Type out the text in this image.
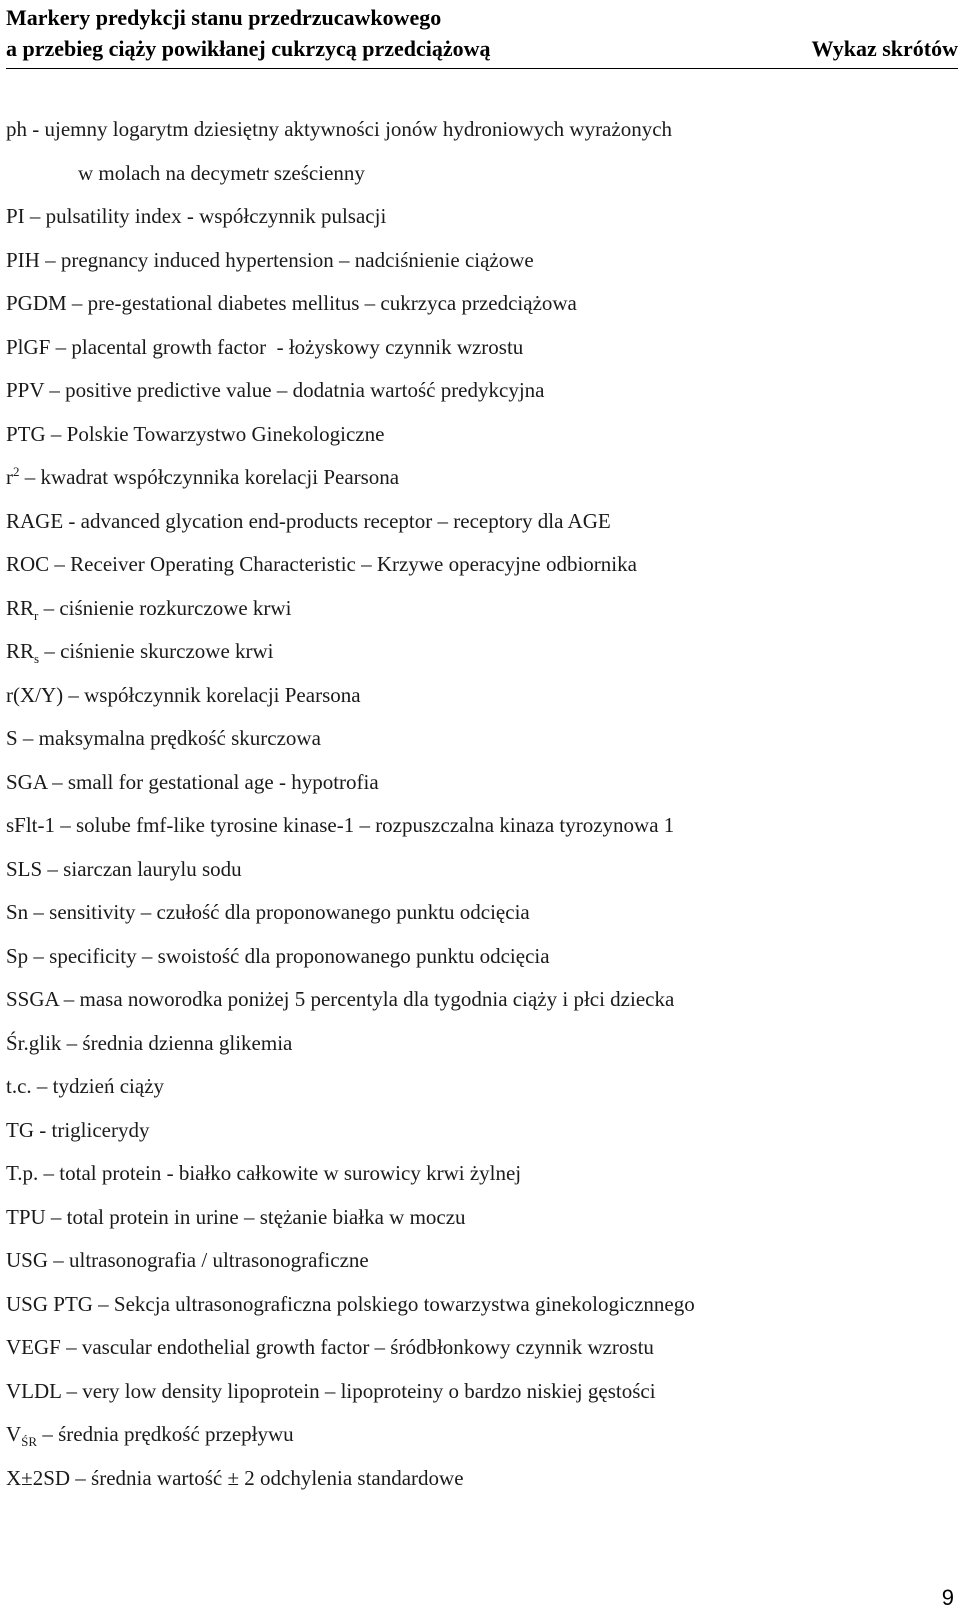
Markery predykcji stanu przedrzucawkowego
a przebieg ciąży powikłanej cukrzycą przedciążową	Wykaz skrótów
ph - ujemny logarytm dziesiętny aktywności jonów hydroniowych wyrażonych
w molach na decymetr sześcienny
PI – pulsatility index - współczynnik pulsacji
PIH – pregnancy induced hypertension – nadciśnienie ciążowe
PGDM – pre-gestational diabetes mellitus – cukrzyca przedciążowa
PlGF – placental growth factor  - łożyskowy czynnik wzrostu
PPV – positive predictive value – dodatnia wartość predykcyjna
PTG – Polskie Towarzystwo Ginekologiczne
$r^2$ – kwadrat współczynnika korelacji Pearsona
RAGE - advanced glycation end-products receptor – receptory dla AGE
ROC – Receiver Operating Characteristic – Krzywe operacyjne odbiornika
$RR_r$ – ciśnienie rozkurczowe krwi
$RR_s$ – ciśnienie skurczowe krwi
r(X/Y) – współczynnik korelacji Pearsona
S – maksymalna prędkość skurczowa
SGA – small for gestational age - hypotrofia
sFlt-1 – solube fmf-like tyrosine kinase-1 – rozpuszczalna kinaza tyrozynowa 1
SLS – siarczan laurylu sodu
Sn – sensitivity – czułość dla proponowanego punktu odcięcia
Sp – specificity – swoistość dla proponowanego punktu odcięcia
SSGA – masa noworodka poniżej 5 percentyla dla tygodnia ciąży i płci dziecka
Śr.glik – średnia dzienna glikemia
t.c. – tydzień ciąży
TG - triglicerydy
T.p. – total protein - białko całkowite w surowicy krwi żylnej
TPU – total protein in urine – stężanie białka w moczu
USG – ultrasonografia / ultrasonograficzne
USG PTG – Sekcja ultrasonograficzna polskiego towarzystwa ginekologicznnego
VEGF – vascular endothelial growth factor – śródbłonkowy czynnik wzrostu
VLDL – very low density lipoprotein – lipoproteiny o bardzo niskiej gęstości
$V_{ŚR}$ – średnia prędkość przepływu
X±2SD – średnia wartość ± 2 odchylenia standardowe
9
